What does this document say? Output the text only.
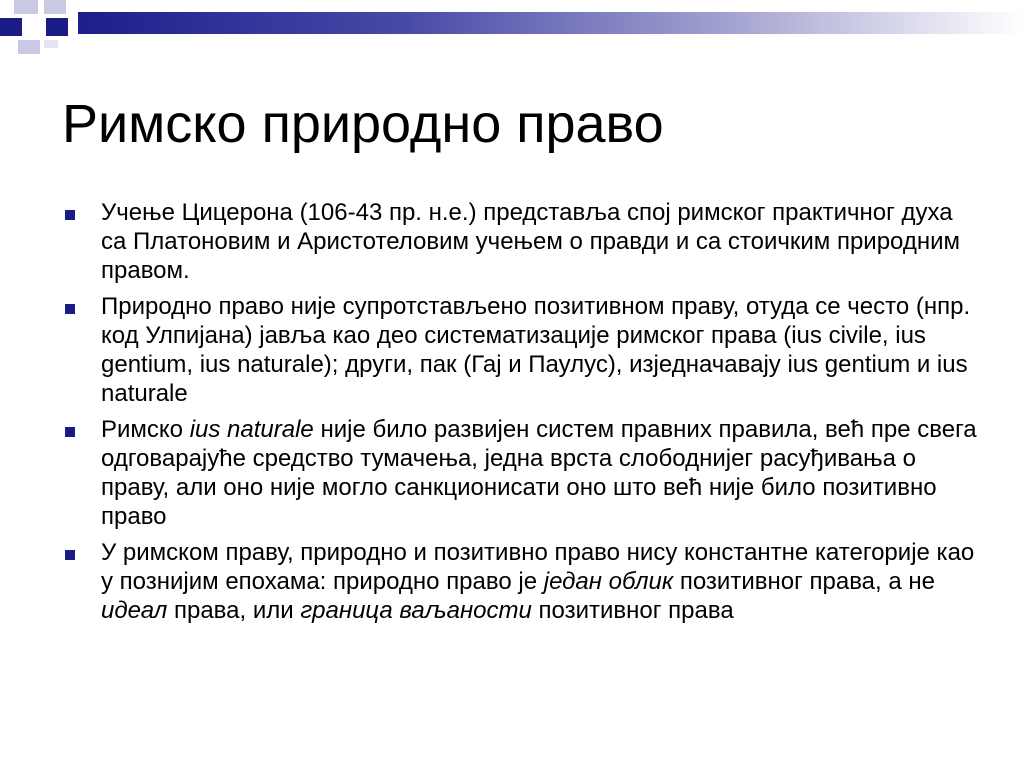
Римско природно право
Учење Цицерона (106-43 пр. н.е.) представља спој римског практичног духа са Платоновим и Аристотеловим учењем о правди и са стоичким природним правом.
Природно право није супротстављено позитивном праву, отуда се често (нпр. код Улпијана) јавља као део систематизације римског права (ius civile, ius gentium, ius naturale); други, пак (Гај и Паулус), изједначавају ius gentium и ius naturale
Римско ius naturale није било развијен систем правних правила, већ пре свега одговарајуће средство тумачења, једна врста слободнијег расуђивања о праву, али оно није могло санкционисати оно што већ није било позитивно право
У римском праву, природно и позитивно право нису константне категорије као у познијим епохама: природно право је један облик позитивног права, а не идеал права, или граница ваљаности позитивног права
